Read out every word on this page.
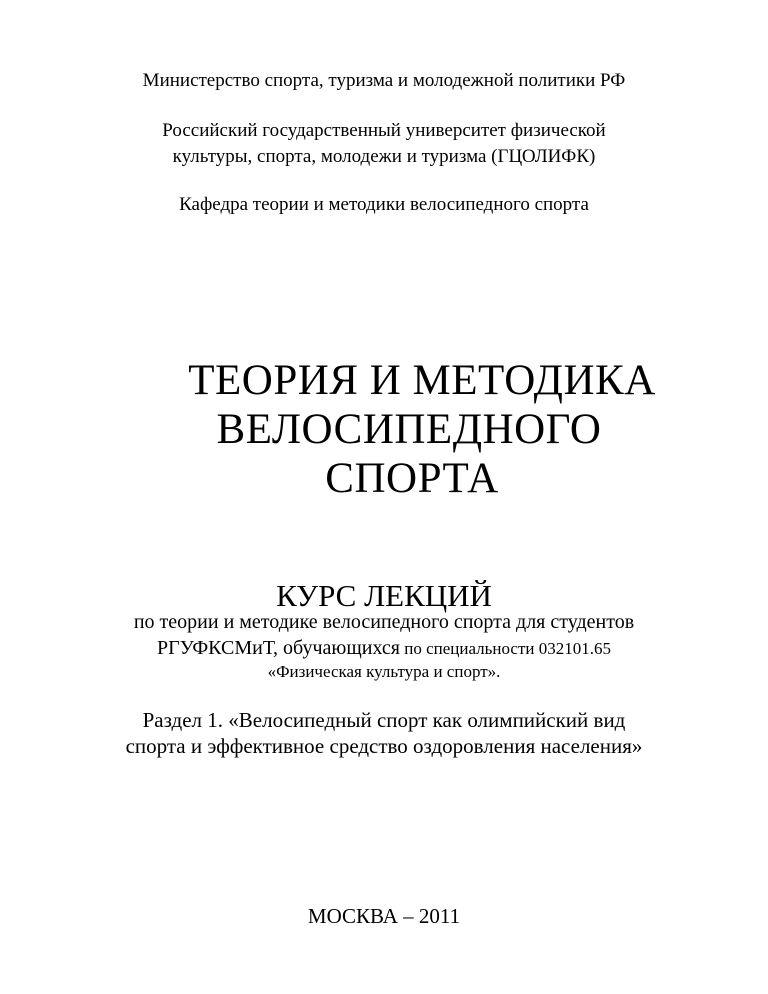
Министерство спорта, туризма и молодежной политики РФ

Российский государственный университет физической

культуры, спорта, молодежи и туризма (ГЦОЛИФК)

Кафедра теории и методики велосипедного спорта

ТЕОРИЯ И МЕТОДИКА

ВЕЛОСИПЕДНОГО

СПОРТА

КУРС ЛЕКЦИЙ

по теории и методике велосипедного спорта для студентов

РГУФКСМиТ, обучающихся по специальности 032101.65

«Физическая культура и спорт».

Раздел 1. «Велосипедный спорт как олимпийский вид

спорта и эффективное средство оздоровления населения»

МОСКВА – 2011
